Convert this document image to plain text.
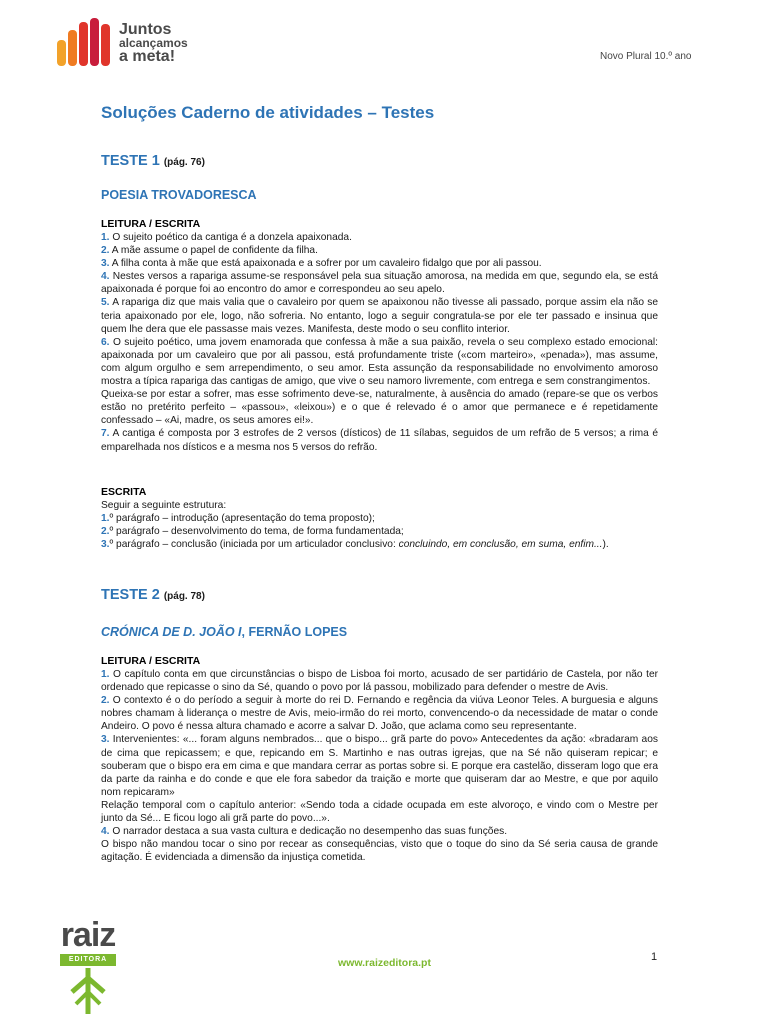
Juntos
alcançamos
a meta!	Novo Plural 10.º ano
Soluções Caderno de atividades – Testes
TESTE 1 (pág. 76)
POESIA TROVADORESCA
LEITURA / ESCRITA

1. O sujeito poético da cantiga é a donzela apaixonada.

2. A mãe assume o papel de confidente da filha.

3. A filha conta à mãe que está apaixonada e a sofrer por um cavaleiro fidalgo que por ali passou.

4. Nestes versos a rapariga assume-se responsável pela sua situação amorosa, na medida em que, segundo ela, se está apaixonada é porque foi ao encontro do amor e correspondeu ao seu apelo.

5. A rapariga diz que mais valia que o cavaleiro por quem se apaixonou não tivesse ali passado, porque assim ela não se teria apaixonado por ele, logo, não sofreria. No entanto, logo a seguir congratula-se por ele ter passado e insinua que quem lhe dera que ele passasse mais vezes. Manifesta, deste modo o seu conflito interior.

6. O sujeito poético, uma jovem enamorada que confessa à mãe a sua paixão, revela o seu complexo estado emocional: apaixonada por um cavaleiro que por ali passou, está profundamente triste («com marteiro», «penada»), mas assume, com algum orgulho e sem arrependimento, o seu amor. Esta assunção da responsabilidade no envolvimento amoroso mostra a típica rapariga das cantigas de amigo, que vive o seu namoro livremente, com entrega e sem constrangimentos.

Queixa-se por estar a sofrer, mas esse sofrimento deve-se, naturalmente, à ausência do amado (repare-se que os verbos estão no pretérito perfeito – «passou», «leixou») e o que é relevado é o amor que permanece e é repetidamente confessado – «Ai, madre, os seus amores ei!».

7. A cantiga é composta por 3 estrofes de 2 versos (dísticos) de 11 sílabas, seguidos de um refrão de 5 versos; a rima é emparelhada nos dísticos e a mesma nos 5 versos do refrão.

ESCRITA

Seguir a seguinte estrutura:

1.º parágrafo – introdução (apresentação do tema proposto);

2.º parágrafo – desenvolvimento do tema, de forma fundamentada;

3.º parágrafo – conclusão (iniciada por um articulador conclusivo: concluindo, em conclusão, em suma, enfim...).

TESTE 2 (pág. 78)
CRÓNICA DE D. JOÃO I, FERNÃO LOPES
LEITURA / ESCRITA

1. O capítulo conta em que circunstâncias o bispo de Lisboa foi morto, acusado de ser partidário de Castela, por não ter ordenado que repicasse o sino da Sé, quando o povo por lá passou, mobilizado para defender o mestre de Avis.

2. O contexto é o do período a seguir à morte do rei D. Fernando e regência da viúva Leonor Teles. A burguesia e alguns nobres chamam à liderança o mestre de Avis, meio-irmão do rei morto, convencendo-o da necessidade de matar o conde Andeiro. O povo é nessa altura chamado e acorre a salvar D. João, que aclama como seu representante.

3. Intervenientes: «... foram alguns nembrados... que o bispo... grã parte do povo» Antecedentes da ação: «bradaram aos de cima que repicassem; e que, repicando em S. Martinho e nas outras igrejas, que na Sé não quiseram repicar; e souberam que o bispo era em cima e que mandara cerrar as portas sobre si. E porque era castelão, disseram logo que era da parte da rainha e do conde e que ele fora sabedor da traição e morte que quiseram dar ao Mestre, e que por aquilo nom repicaram»

Relação temporal com o capítulo anterior: «Sendo toda a cidade ocupada em este alvoroço, e vindo com o Mestre per junto da Sé... E ficou logo ali grã parte do povo...».

4. O narrador destaca a sua vasta cultura e dedicação no desempenho das suas funções.

O bispo não mandou tocar o sino por recear as consequências, visto que o toque do sino da Sé seria causa de grande agitação. É evidenciada a dimensão da injustiça cometida.

raiz
EDITORA	www.raizeditora.pt	1
